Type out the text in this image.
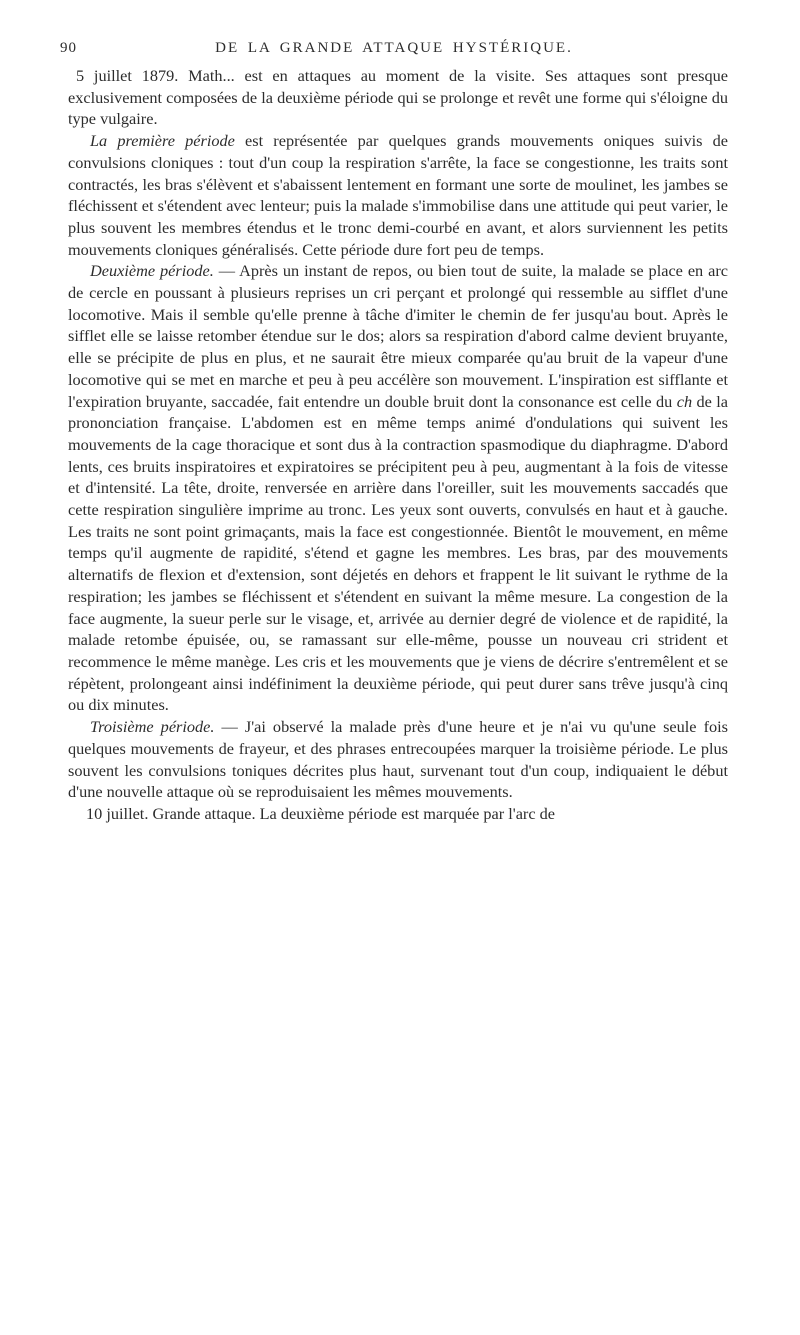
90	DE LA GRANDE ATTAQUE HYSTÉRIQUE.

5 juillet 1879. Math... est en attaques au moment de la visite. Ses attaques sont presque exclusivement composées de la deuxième période qui se prolonge et revêt une forme qui s'éloigne du type vulgaire.

La première période est représentée par quelques grands mouvements oniques suivis de convulsions cloniques : tout d'un coup la respiration s'arrête, la face se congestionne, les traits sont contractés, les bras s'élèvent et s'abaissent lentement en formant une sorte de moulinet, les jambes se fléchissent et s'étendent avec lenteur; puis la malade s'immobilise dans une attitude qui peut varier, le plus souvent les membres étendus et le tronc demi-courbé en avant, et alors surviennent les petits mouvements cloniques généralisés. Cette période dure fort peu de temps.

Deuxième période. — Après un instant de repos, ou bien tout de suite, la malade se place en arc de cercle en poussant à plusieurs reprises un cri perçant et prolongé qui ressemble au sifflet d'une locomotive. Mais il semble qu'elle prenne à tâche d'imiter le chemin de fer jusqu'au bout. Après le sifflet elle se laisse retomber étendue sur le dos; alors sa respiration d'abord calme devient bruyante, elle se précipite de plus en plus, et ne saurait être mieux comparée qu'au bruit de la vapeur d'une locomotive qui se met en marche et peu à peu accélère son mouvement. L'inspiration est sifflante et l'expiration bruyante, saccadée, fait entendre un double bruit dont la consonance est celle du ch de la prononciation française. L'abdomen est en même temps animé d'ondulations qui suivent les mouvements de la cage thoracique et sont dus à la contraction spasmodique du diaphragme. D'abord lents, ces bruits inspiratoires et expiratoires se précipitent peu à peu, augmentant à la fois de vitesse et d'intensité. La tête, droite, renversée en arrière dans l'oreiller, suit les mouvements saccadés que cette respiration singulière imprime au tronc. Les yeux sont ouverts, convulsés en haut et à gauche. Les traits ne sont point grimaçants, mais la face est congestionnée. Bientôt le mouvement, en même temps qu'il augmente de rapidité, s'étend et gagne les membres. Les bras, par des mouvements alternatifs de flexion et d'extension, sont déjetés en dehors et frappent le lit suivant le rythme de la respiration; les jambes se fléchissent et s'étendent en suivant la même mesure. La congestion de la face augmente, la sueur perle sur le visage, et, arrivée au dernier degré de violence et de rapidité, la malade retombe épuisée, ou, se ramassant sur elle-même, pousse un nouveau cri strident et recommence le même manège. Les cris et les mouvements que je viens de décrire s'entremêlent et se répètent, prolongeant ainsi indéfiniment la deuxième période, qui peut durer sans trêve jusqu'à cinq ou dix minutes.

Troisième période. — J'ai observé la malade près d'une heure et je n'ai vu qu'une seule fois quelques mouvements de frayeur, et des phrases entrecoupées marquer la troisième période. Le plus souvent les convulsions toniques décrites plus haut, survenant tout d'un coup, indiquaient le début d'une nouvelle attaque où se reproduisaient les mêmes mouvements.

10 juillet. Grande attaque. La deuxième période est marquée par l'arc de
